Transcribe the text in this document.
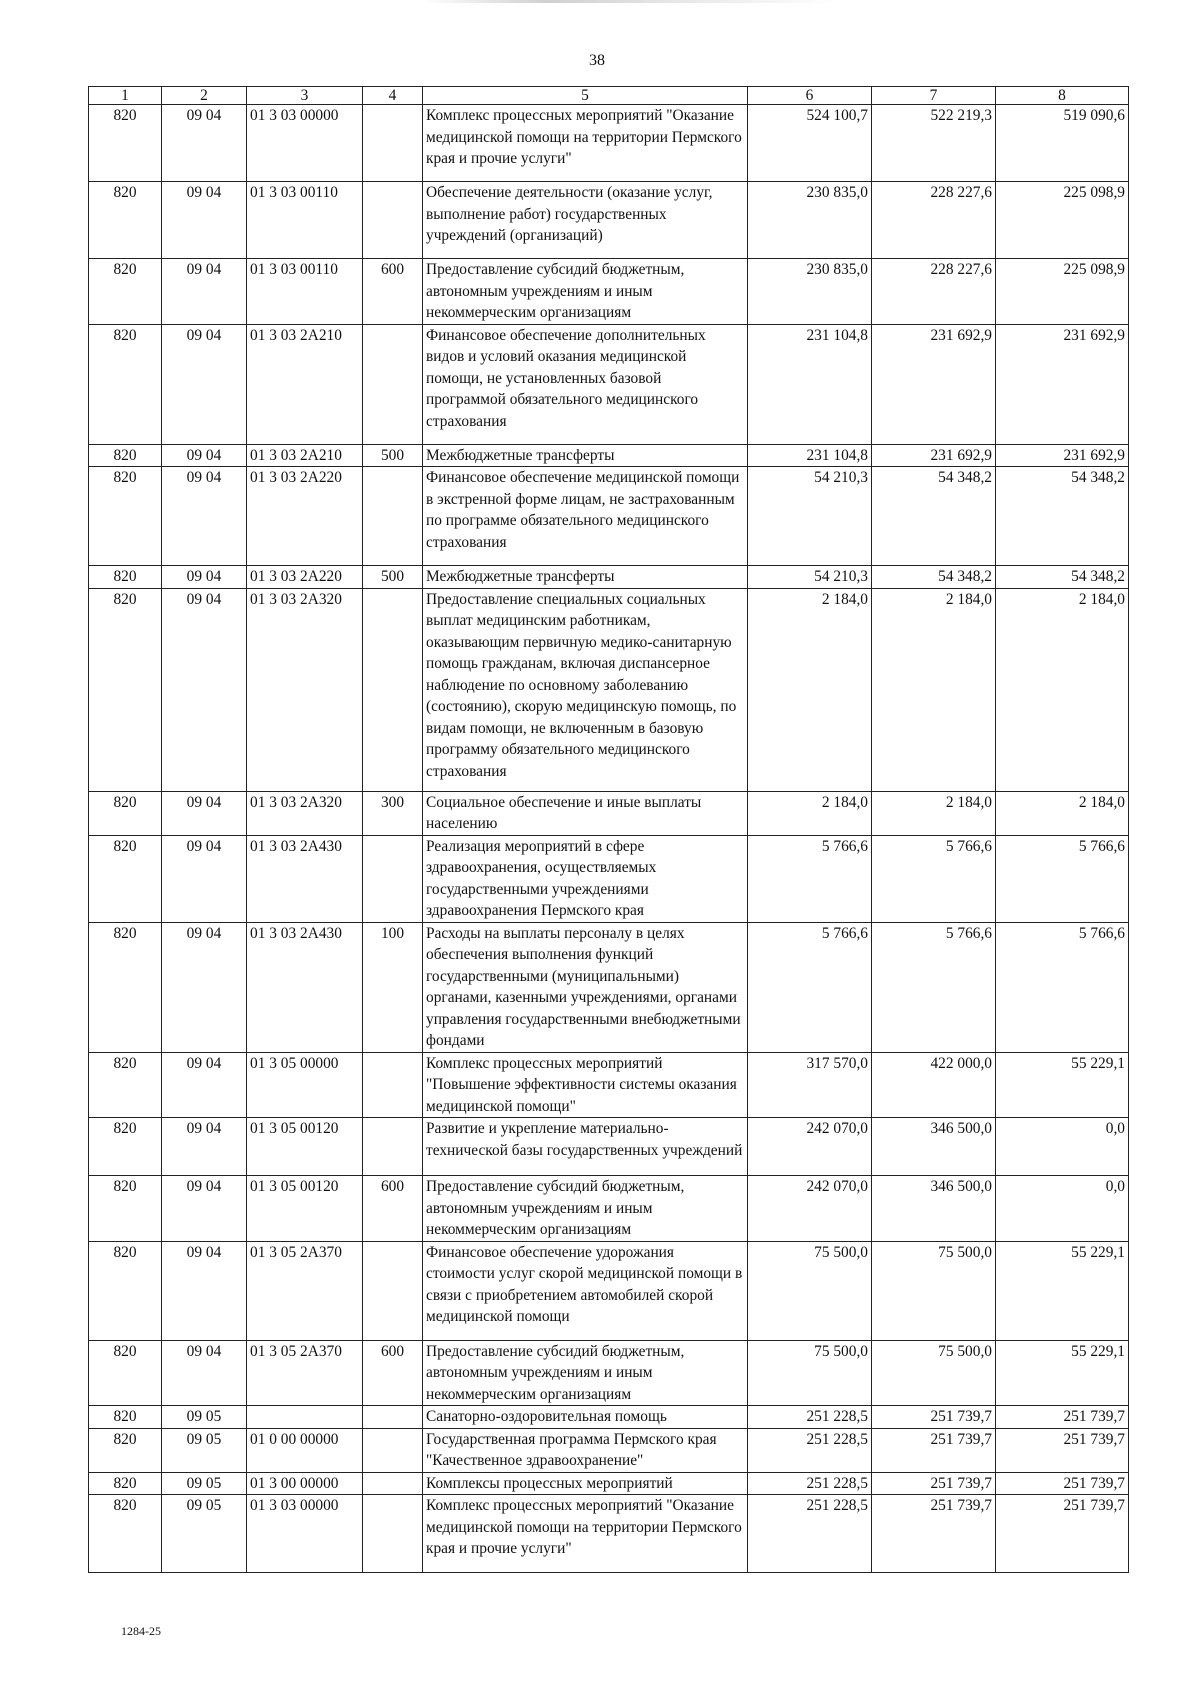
38
1	2	3	4	5	6	7	8
820	09 04	01 3 03 00000		Комплекс процессных мероприятий "Оказание медицинской помощи на территории Пермского края и прочие услуги"	524 100,7	522 219,3	519 090,6
820	09 04	01 3 03 00110		Обеспечение деятельности (оказание услуг, выполнение работ) государственных учреждений (организаций)	230 835,0	228 227,6	225 098,9
820	09 04	01 3 03 00110	600	Предоставление субсидий бюджетным, автономным учреждениям и иным некоммерческим организациям	230 835,0	228 227,6	225 098,9
820	09 04	01 3 03 2А210		Финансовое обеспечение дополнительных видов и условий оказания медицинской помощи, не установленных базовой программой обязательного медицинского страхования	231 104,8	231 692,9	231 692,9
820	09 04	01 3 03 2А210	500	Межбюджетные трансферты	231 104,8	231 692,9	231 692,9
820	09 04	01 3 03 2А220		Финансовое обеспечение медицинской помощи в экстренной форме лицам, не застрахованным по программе обязательного медицинского страхования	54 210,3	54 348,2	54 348,2
820	09 04	01 3 03 2А220	500	Межбюджетные трансферты	54 210,3	54 348,2	54 348,2
820	09 04	01 3 03 2А320		Предоставление специальных социальных выплат медицинским работникам, оказывающим первичную медико-санитарную помощь гражданам, включая диспансерное наблюдение по основному заболеванию (состоянию), скорую медицинскую помощь, по видам помощи, не включенным в базовую программу обязательного медицинского страхования	2 184,0	2 184,0	2 184,0
820	09 04	01 3 03 2А320	300	Социальное обеспечение и иные выплаты населению	2 184,0	2 184,0	2 184,0
820	09 04	01 3 03 2А430		Реализация мероприятий в сфере здравоохранения, осуществляемых государственными учреждениями здравоохранения Пермского края	5 766,6	5 766,6	5 766,6
820	09 04	01 3 03 2А430	100	Расходы на выплаты персоналу в целях обеспечения выполнения функций государственными (муниципальными) органами, казенными учреждениями, органами управления государственными внебюджетными фондами	5 766,6	5 766,6	5 766,6
820	09 04	01 3 05 00000		Комплекс процессных мероприятий "Повышение эффективности системы оказания медицинской помощи"	317 570,0	422 000,0	55 229,1
820	09 04	01 3 05 00120		Развитие и укрепление материально-технической базы государственных учреждений	242 070,0	346 500,0	0,0
820	09 04	01 3 05 00120	600	Предоставление субсидий бюджетным, автономным учреждениям и иным некоммерческим организациям	242 070,0	346 500,0	0,0
820	09 04	01 3 05 2А370		Финансовое обеспечение удорожания стоимости услуг скорой медицинской помощи в связи с приобретением автомобилей скорой медицинской помощи	75 500,0	75 500,0	55 229,1
820	09 04	01 3 05 2А370	600	Предоставление субсидий бюджетным, автономным учреждениям и иным некоммерческим организациям	75 500,0	75 500,0	55 229,1
820	09 05			Санаторно-оздоровительная помощь	251 228,5	251 739,7	251 739,7
820	09 05	01 0 00 00000		Государственная программа Пермского края "Качественное здравоохранение"	251 228,5	251 739,7	251 739,7
820	09 05	01 3 00 00000		Комплексы процессных мероприятий	251 228,5	251 739,7	251 739,7
820	09 05	01 3 03 00000		Комплекс процессных мероприятий "Оказание медицинской помощи на территории Пермского края и прочие услуги"	251 228,5	251 739,7	251 739,7
1284-25
